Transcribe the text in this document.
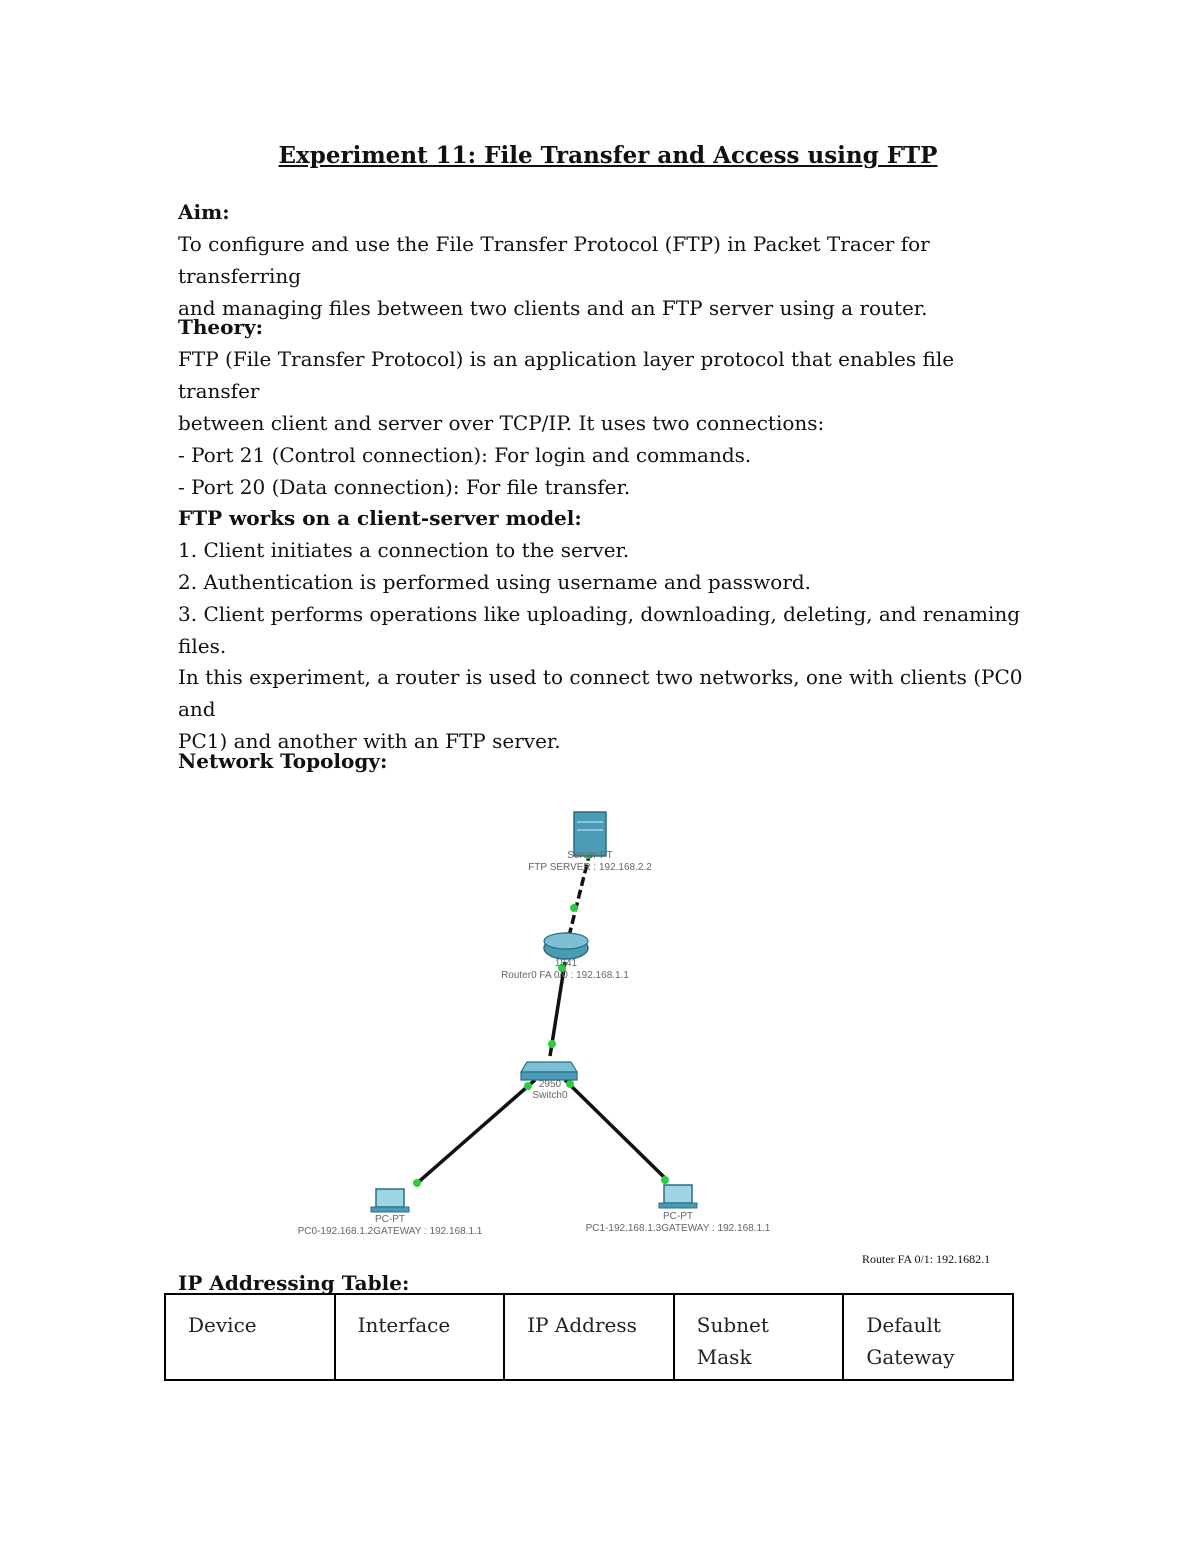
Experiment 11: File Transfer and Access using FTP

Aim:

To configure and use the File Transfer Protocol (FTP) in Packet Tracer for transferring

and managing files between two clients and an FTP server using a router.

Theory:

FTP (File Transfer Protocol) is an application layer protocol that enables file transfer

between client and server over TCP/IP. It uses two connections:

- Port 21 (Control connection): For login and commands.

- Port 20 (Data connection): For file transfer.

FTP works on a client-server model:

1. Client initiates a connection to the server.

2. Authentication is performed using username and password.

3. Client performs operations like uploading, downloading, deleting, and renaming files.

In this experiment, a router is used to connect two networks, one with clients (PC0 and

PC1) and another with an FTP server.

Network Topology:

Server-PT
FTP SERVER : 192.168.2.2
1841
Router0 FA 0/0 : 192.168.1.1
2950
Switch0
PC-PT
PC0-192.168.1.2GATEWAY : 192.168.1.1
PC-PT
PC1-192.168.1.3GATEWAY : 192.168.1.1
Router FA 0/1: 192.1682.1

IP Addressing Table:

Device	Interface	IP Address	Subnet Mask	Default Gateway
